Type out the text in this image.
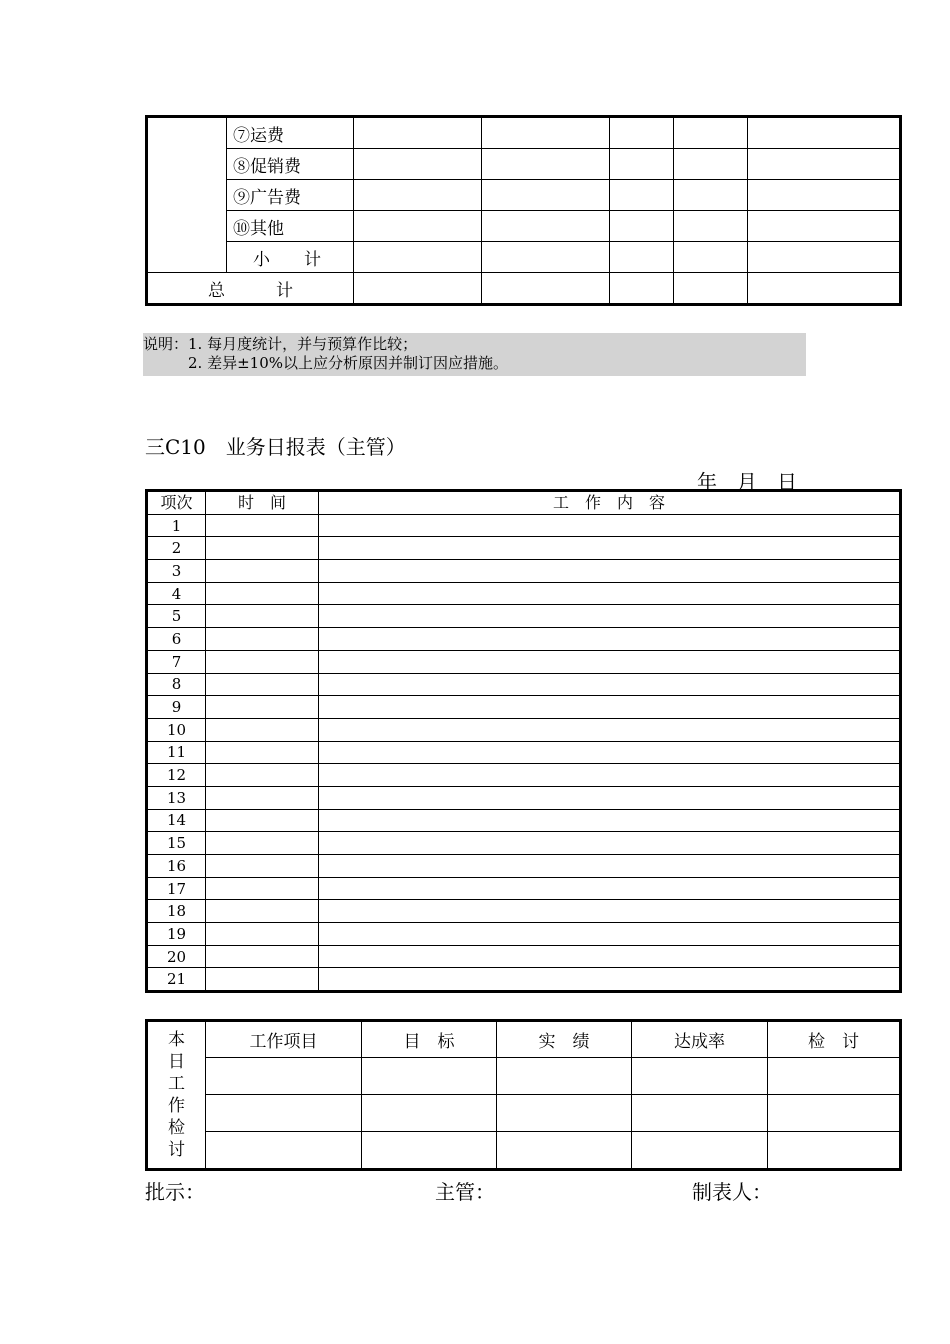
	⑦运费					
	⑧促销费					
	⑨广告费					
	⑩其他					
	小　　计					
总　　　计						
说明：1. 每月度统计，并与预算作比较；
　　　2. 差异±10%以上应分析原因并制订因应措施。
三C10　业务日报表（主管）
年　月　日
项次	时　间	工　作　内　容
1		
2		
3		
4		
5		
6		
7		
8		
9		
10		
11		
12		
13		
14		
15		
16		
17		
18		
19		
20		
21		
本日工作检讨	工作项目	目　标	实　绩	达成率	检　讨

批示：	主管：	制表人：
